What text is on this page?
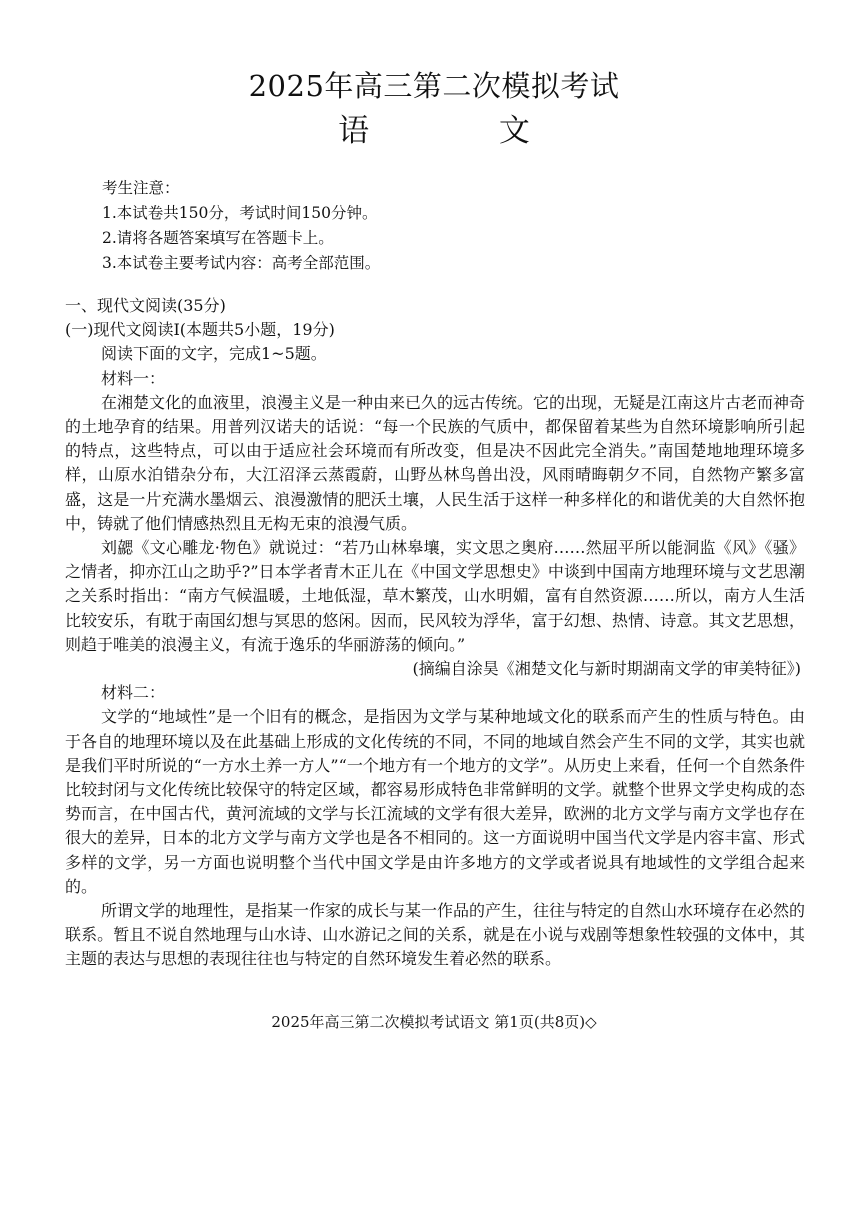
2025年高三第二次模拟考试
语 文
考生注意：
1.本试卷共150分，考试时间150分钟。
2.请将各题答案填写在答题卡上。
3.本试卷主要考试内容：高考全部范围。

一、现代文阅读(35分)

(一)现代文阅读Ⅰ(本题共5小题，19分)

阅读下面的文字，完成1~5题。

材料一：

在湘楚文化的血液里，浪漫主义是一种由来已久的远古传统。它的出现，无疑是江南这片古老而神奇的土地孕育的结果。用普列汉诺夫的话说：“每一个民族的气质中，都保留着某些为自然环境影响所引起的特点，这些特点，可以由于适应社会环境而有所改变，但是决不因此完全消失。”南国楚地地理环境多样，山原水泊错杂分布，大江沼泽云蒸霞蔚，山野丛林鸟兽出没，风雨晴晦朝夕不同，自然物产繁多富盛，这是一片充满水墨烟云、浪漫激情的肥沃土壤，人民生活于这样一种多样化的和谐优美的大自然怀抱中，铸就了他们情感热烈且无构无束的浪漫气质。

刘勰《文心雕龙·物色》就说过：“若乃山林皋壤，实文思之奥府……然屈平所以能洞监《风》《骚》之情者，抑亦江山之助乎?”日本学者青木正儿在《中国文学思想史》中谈到中国南方地理环境与文艺思潮之关系时指出：“南方气候温暖，土地低湿，草木繁茂，山水明媚，富有自然资源……所以，南方人生活比较安乐，有耽于南国幻想与冥思的悠闲。因而，民风较为浮华，富于幻想、热情、诗意。其文艺思想，则趋于唯美的浪漫主义，有流于逸乐的华丽游荡的倾向。”

(摘编自涂昊《湘楚文化与新时期湖南文学的审美特征》)

材料二：

文学的“地域性”是一个旧有的概念，是指因为文学与某种地域文化的联系而产生的性质与特色。由于各自的地理环境以及在此基础上形成的文化传统的不同，不同的地域自然会产生不同的文学，其实也就是我们平时所说的“一方水土养一方人”“一个地方有一个地方的文学”。从历史上来看，任何一个自然条件比较封闭与文化传统比较保守的特定区域，都容易形成特色非常鲜明的文学。就整个世界文学史构成的态势而言，在中国古代，黄河流域的文学与长江流域的文学有很大差异，欧洲的北方文学与南方文学也存在很大的差异，日本的北方文学与南方文学也是各不相同的。这一方面说明中国当代文学是内容丰富、形式多样的文学，另一方面也说明整个当代中国文学是由许多地方的文学或者说具有地域性的文学组合起来的。

所谓文学的地理性，是指某一作家的成长与某一作品的产生，往往与特定的自然山水环境存在必然的联系。暂且不说自然地理与山水诗、山水游记之间的关系，就是在小说与戏剧等想象性较强的文体中，其主题的表达与思想的表现往往也与特定的自然环境发生着必然的联系。

2025年高三第二次模拟考试语文 第1页(共8页)◇
